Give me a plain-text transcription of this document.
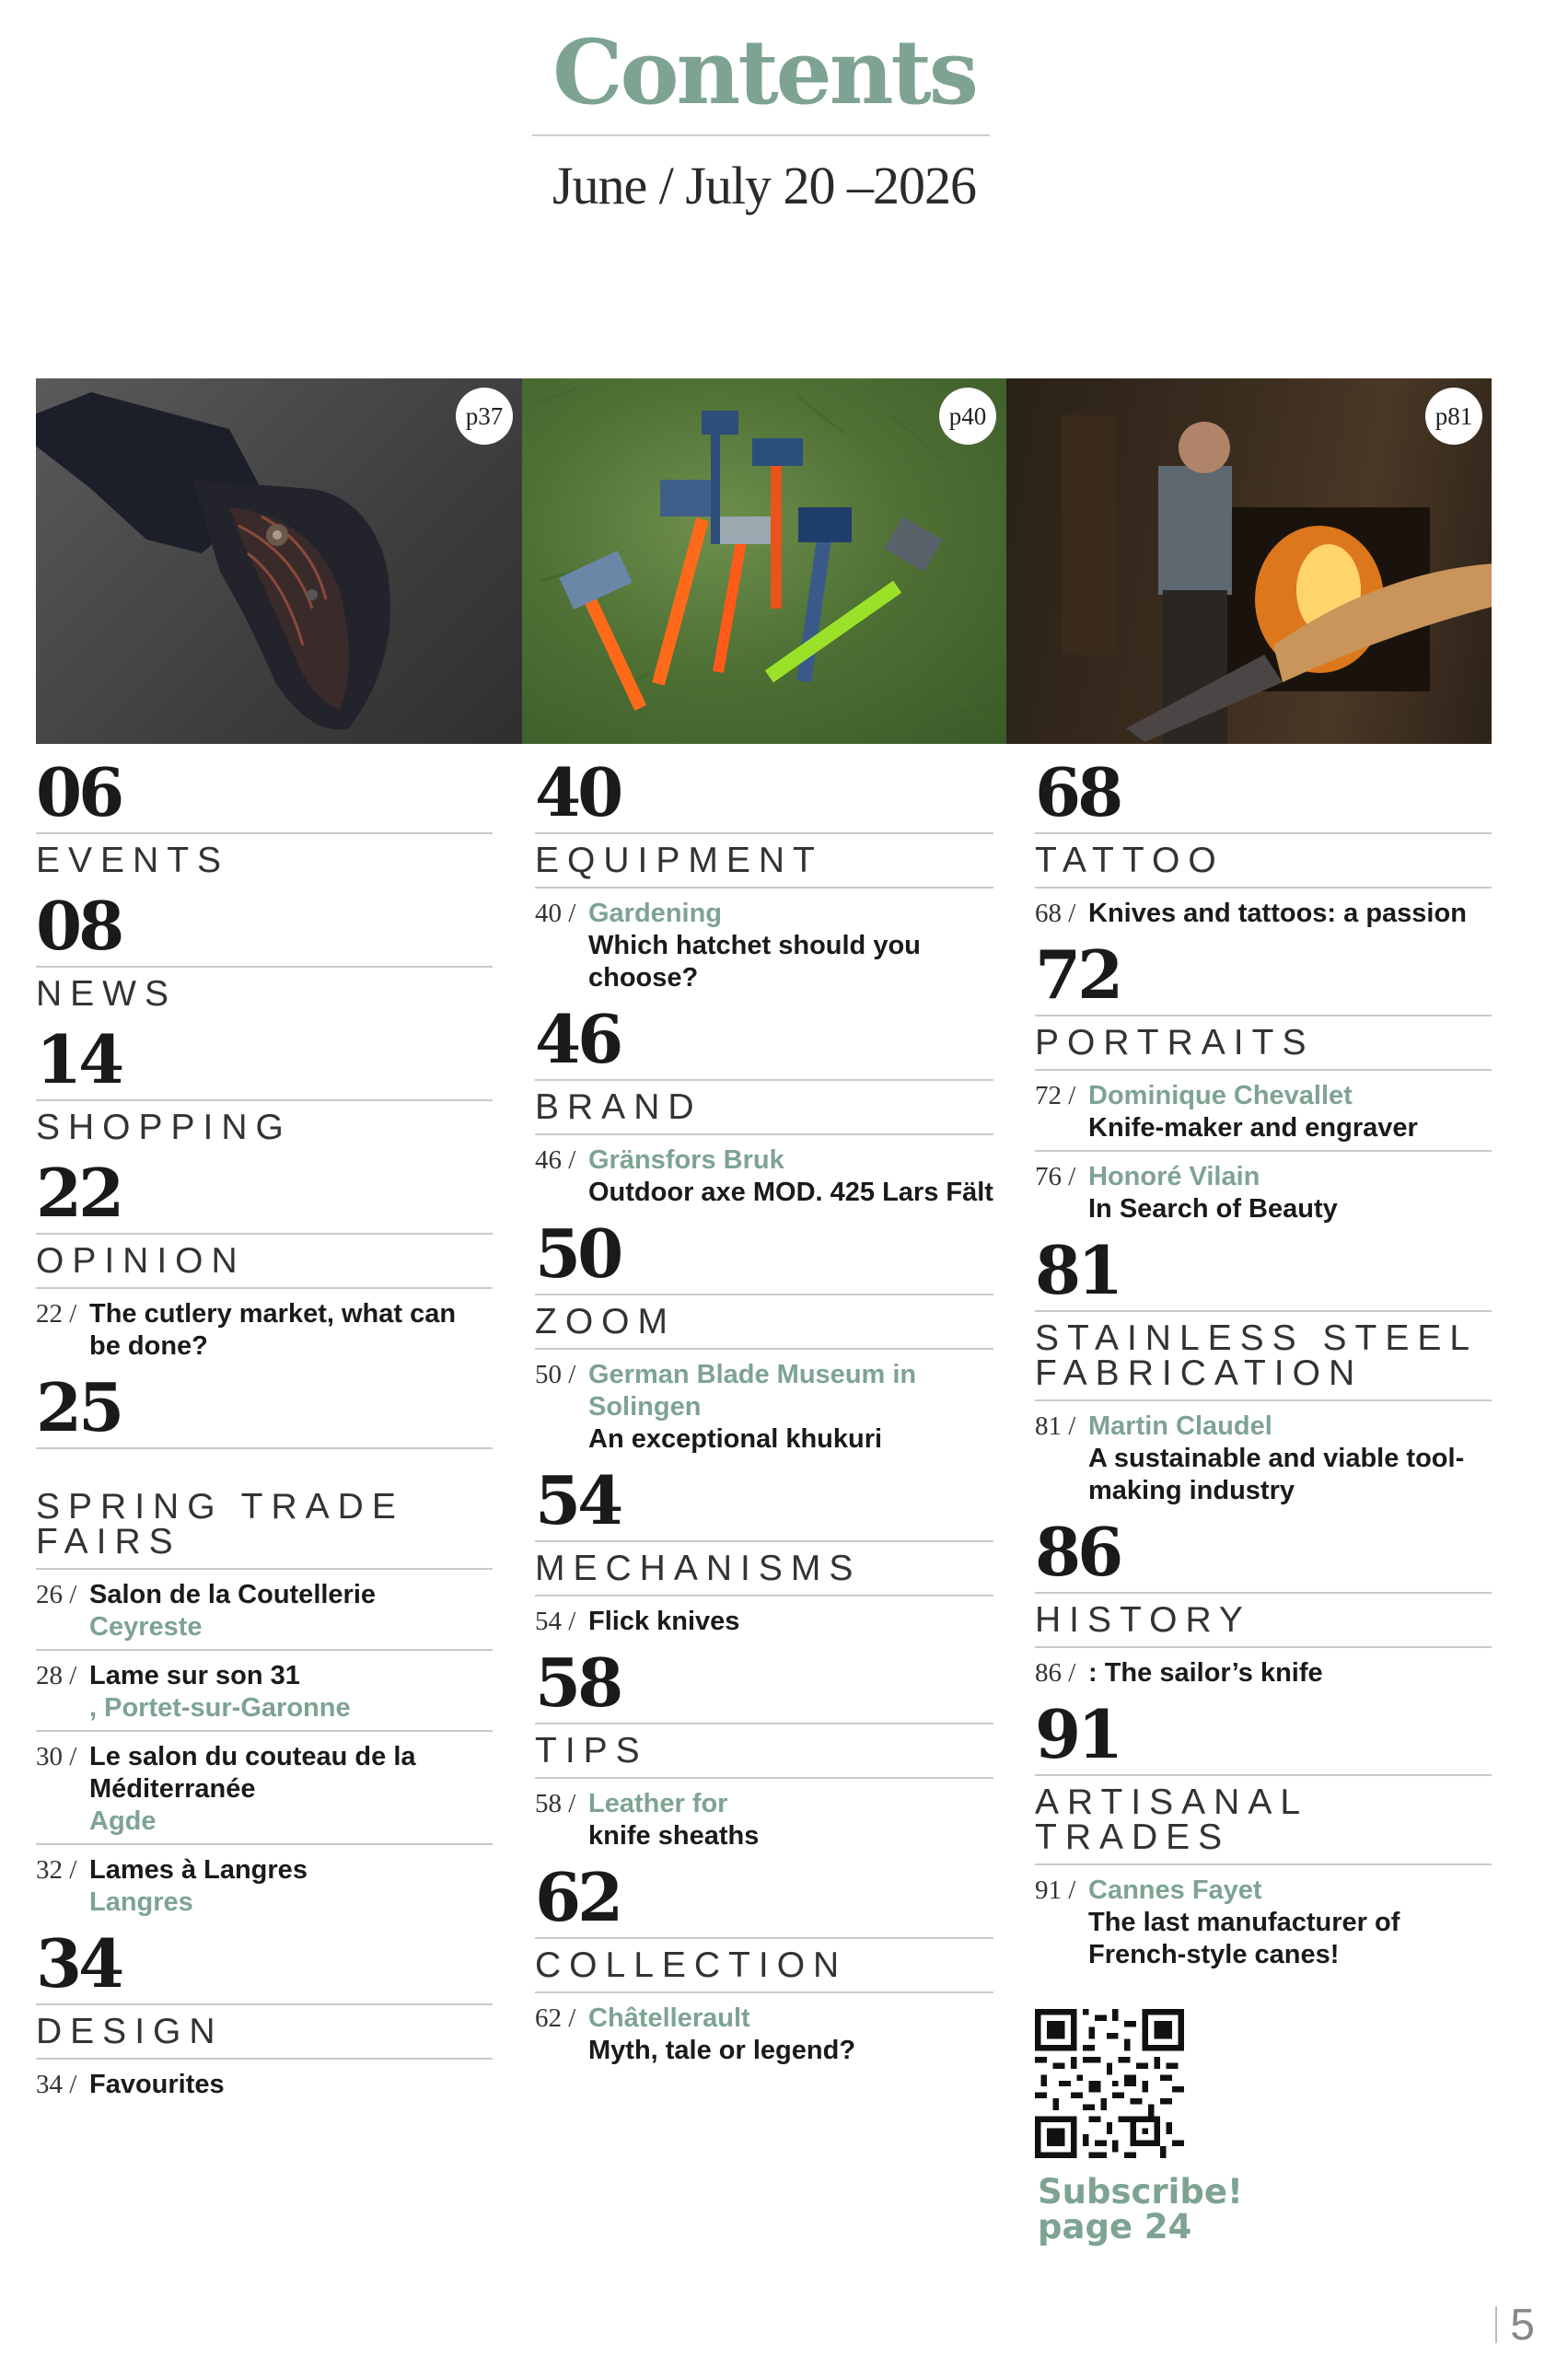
Contents
June / July 20 –2026
p37	p40	p81
06
EVENTS
08
NEWS
14
SHOPPING
22
OPINION
22 / The cutlery market, what can be done?
25
SPRING TRADE FAIRS
26 / Salon de la Coutellerie
Ceyreste
28 / Lame sur son 31
, Portet-sur-Garonne
30 / Le salon du couteau de la Méditerranée
Agde
32 / Lames à Langres
Langres
34
DESIGN
34 / Favourites
40
EQUIPMENT
40 / Gardening
Which hatchet should you choose?
46
BRAND
46 / Gränsfors Bruk
Outdoor axe MOD. 425 Lars Fält
50
ZOOM
50 / German Blade Museum in Solingen
An exceptional khukuri
54
MECHANISMS
54 / Flick knives
58
TIPS
58 / Leather for
knife sheaths
62
COLLECTION
62 / Châtellerault
Myth, tale or legend?
68
TATTOO
68 / Knives and tattoos: a passion
72
PORTRAITS
72 / Dominique Chevallet
Knife-maker and engraver
76 / Honoré Vilain
In Search of Beauty
81
STAINLESS STEEL
FABRICATION
81 / Martin Claudel
A sustainable and viable tool-making industry
86
HISTORY
86 / : The sailor’s knife
91
ARTISANAL
TRADES
91 / Cannes Fayet
The last manufacturer of French-style canes!
Subscribe!
page 24
5
